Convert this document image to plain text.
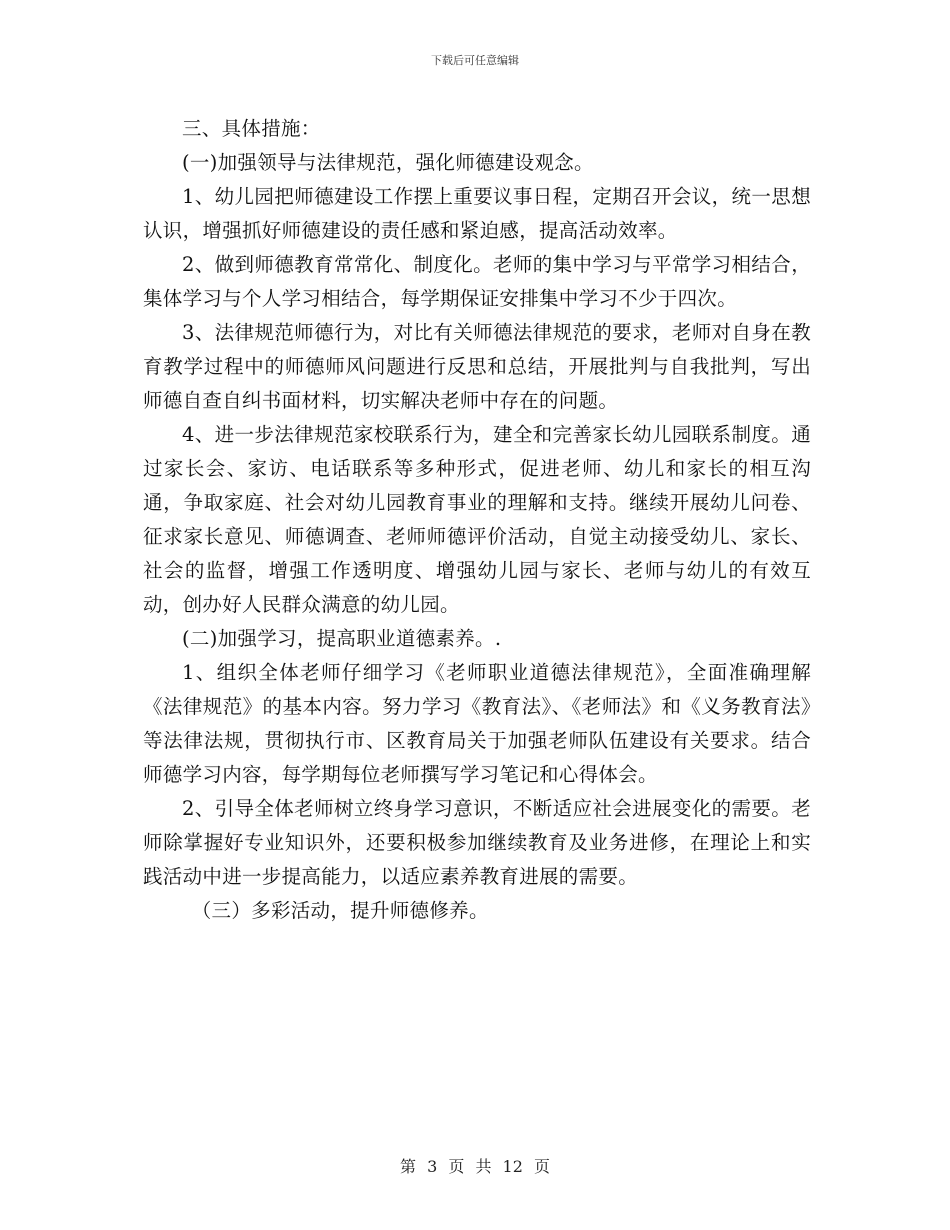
下载后可任意编辑

三、具体措施：

(一)加强领导与法律规范，强化师德建设观念。

1、幼儿园把师德建设工作摆上重要议事日程，定期召开会议，统一思想认识，增强抓好师德建设的责任感和紧迫感，提高活动效率。

2、做到师德教育常常化、制度化。老师的集中学习与平常学习相结合，集体学习与个人学习相结合，每学期保证安排集中学习不少于四次。

3、法律规范师德行为，对比有关师德法律规范的要求，老师对自身在教育教学过程中的师德师风问题进行反思和总结，开展批判与自我批判，写出师德自查自纠书面材料，切实解决老师中存在的问题。

4、进一步法律规范家校联系行为，建全和完善家长幼儿园联系制度。通过家长会、家访、电话联系等多种形式，促进老师、幼儿和家长的相互沟通，争取家庭、社会对幼儿园教育事业的理解和支持。继续开展幼儿问卷、征求家长意见、师德调查、老师师德评价活动，自觉主动接受幼儿、家长、社会的监督，增强工作透明度、增强幼儿园与家长、老师与幼儿的有效互动，创办好人民群众满意的幼儿园。

(二)加强学习，提高职业道德素养。.

1、组织全体老师仔细学习《老师职业道德法律规范》，全面准确理解《法律规范》的基本内容。努力学习《教育法》、《老师法》和《义务教育法》等法律法规，贯彻执行市、区教育局关于加强老师队伍建设有关要求。结合师德学习内容，每学期每位老师撰写学习笔记和心得体会。

2、引导全体老师树立终身学习意识，不断适应社会进展变化的需要。老师除掌握好专业知识外，还要积极参加继续教育及业务进修，在理论上和实践活动中进一步提高能力，以适应素养教育进展的需要。

（三）多彩活动，提升师德修养。

第 3 页 共 12 页
